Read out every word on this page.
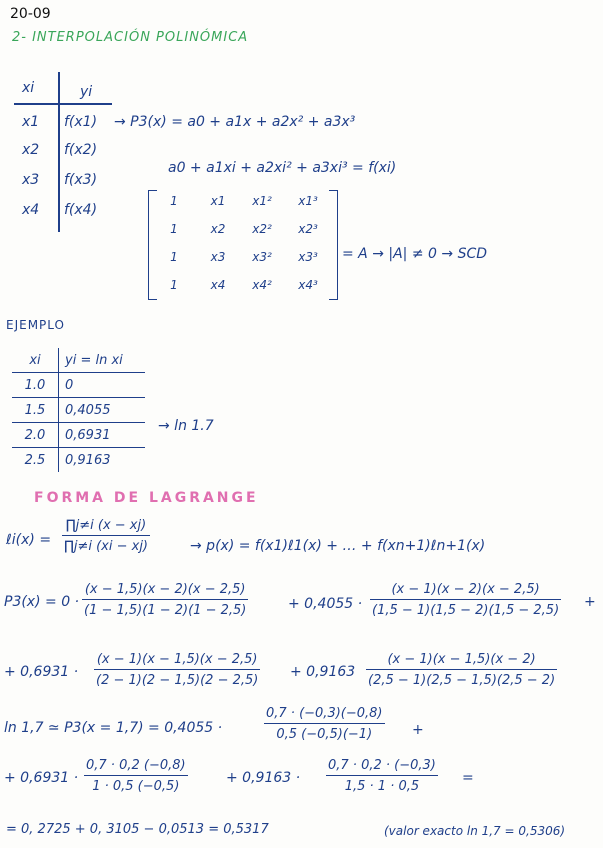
20-09
2- INTERPOLACIÓN POLINÓMICA
xi	yi
x1 f(x1)
x2 f(x2)
x3 f(x3)
x4 f(x4)
→ P3(x) = a0 + a1x + a2x² + a3x³
a0 + a1xi + a2xi² + a3xi³ = f(xi)
1	x1	x1²	x1³
1	x2	x2²	x2³
1	x3	x3²	x3³
1	x4	x4²	x4³
= A → |A| ≠ 0 → SCD
EJEMPLO
xi	yi = ln xi
1.0	0
1.5	0,4055
2.0	0,6931
2.5	0,9163
→ ln 1.7
FORMA DE LAGRANGE
ℓi(x) = $\frac{\prod j\ne i (x - xj)}{\prod j\ne i (xi - xj)}$	→ p(x) = f(x1)ℓ1(x) + … + f(xn+1)ℓn+1(x)
$P3(x) = 0 \cdot \frac{(x - 1,5)(x - 2)(x - 2,5)}{(1 - 1,5)(1 - 2)(1 - 2,5)}$	+ $0,4055 \cdot \frac{(x - 1)(x - 2)(x - 2,5)}{(1,5 - 1)(1,5 - 2)(1,5 - 2,5)}$ +
+ $0,6931 \cdot \frac{(x - 1)(x - 1,5)(x - 2,5)}{(2 - 1)(2 - 1,5)(2 - 2,5)} + 0,9163 \frac{(x - 1)(x - 1,5)(x - 2)}{(2,5 - 1)(2,5 - 1,5)(2,5 - 2)}$
ln 1,7 ≃ P3(x = 1,7) = 0,4055 ·	$\frac{0,7 \cdot (-0,3)(-0,8)}{0,5 (-0,5)(-1)}$ +
+ $0,6931 \cdot \frac{0,7 \cdot 0,2 (-0,8)}{1 \cdot 0,5 (-0,5)}$	+ $0,9163 \cdot \frac{0,7 \cdot 0,2 \cdot (-0,3)}{1,5 \cdot 1 \cdot 0,5}$ =
= 0, 2725 + 0, 3105 − 0,0513 = 0,5317	(valor exacto ln 1,7 = 0,5306)
